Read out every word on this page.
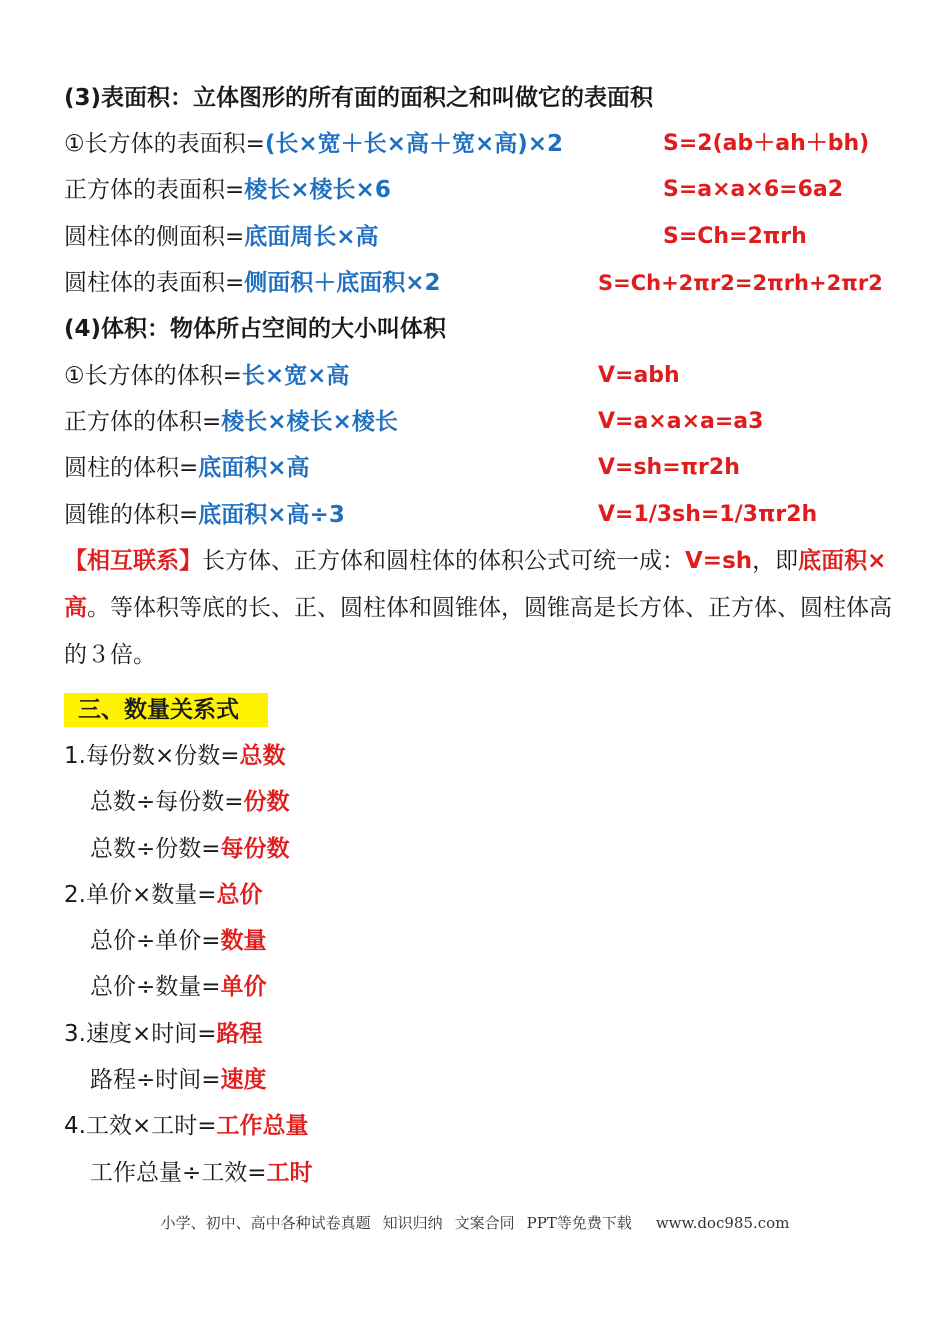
(3)表面积：立体图形的所有面的面积之和叫做它的表面积
①长方体的表面积=(长×宽＋长×高＋宽×高)×2	S=2(ab＋ah＋bh)
正方体的表面积=棱长×棱长×6	S=a×a×6=6a2
圆柱体的侧面积=底面周长×高	S=Ch=2πrh
圆柱体的表面积=侧面积＋底面积×2	S=Ch+2πr2=2πrh+2πr2
(4)体积：物体所占空间的大小叫体积
①长方体的体积=长×宽×高	V=abh
正方体的体积=棱长×棱长×棱长	V=a×a×a=a3
圆柱的体积=底面积×高	V=sh=πr2h
圆锥的体积=底面积×高÷3	V=1/3sh=1/3πr2h
【相互联系】长方体、正方体和圆柱体的体积公式可统一成：V=sh，即底面积×高。等体积等底的长、正、圆柱体和圆锥体，圆锥高是长方体、正方体、圆柱体高的３倍。
三、数量关系式
1.每份数×份数=总数
总数÷每份数=份数
总数÷份数=每份数
2.单价×数量=总价
总价÷单价=数量
总价÷数量=单价
3.速度×时间=路程
路程÷时间=速度
4.工效×工时=工作总量
工作总量÷工效=工时
小学、初中、高中各种试卷真题 知识归纳 文案合同 PPT等免费下载 www.doc985.com
